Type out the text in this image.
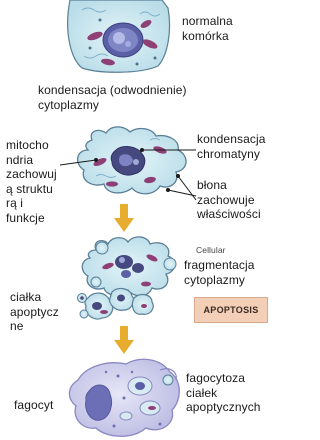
normalna
komórka
kondensacja (odwodnienie)
cytoplazmy
mitocho
ndria
zachowuj
ą struktu
rą i
funkcje
kondensacja
chromatyny
błona
zachowuje
właściwości
Cellular
fragmentacja
cytoplazmy
APOPTOSIS
ciałka
apoptycz
ne
fagocyt
fagocytoza
ciałek
apoptycznych
